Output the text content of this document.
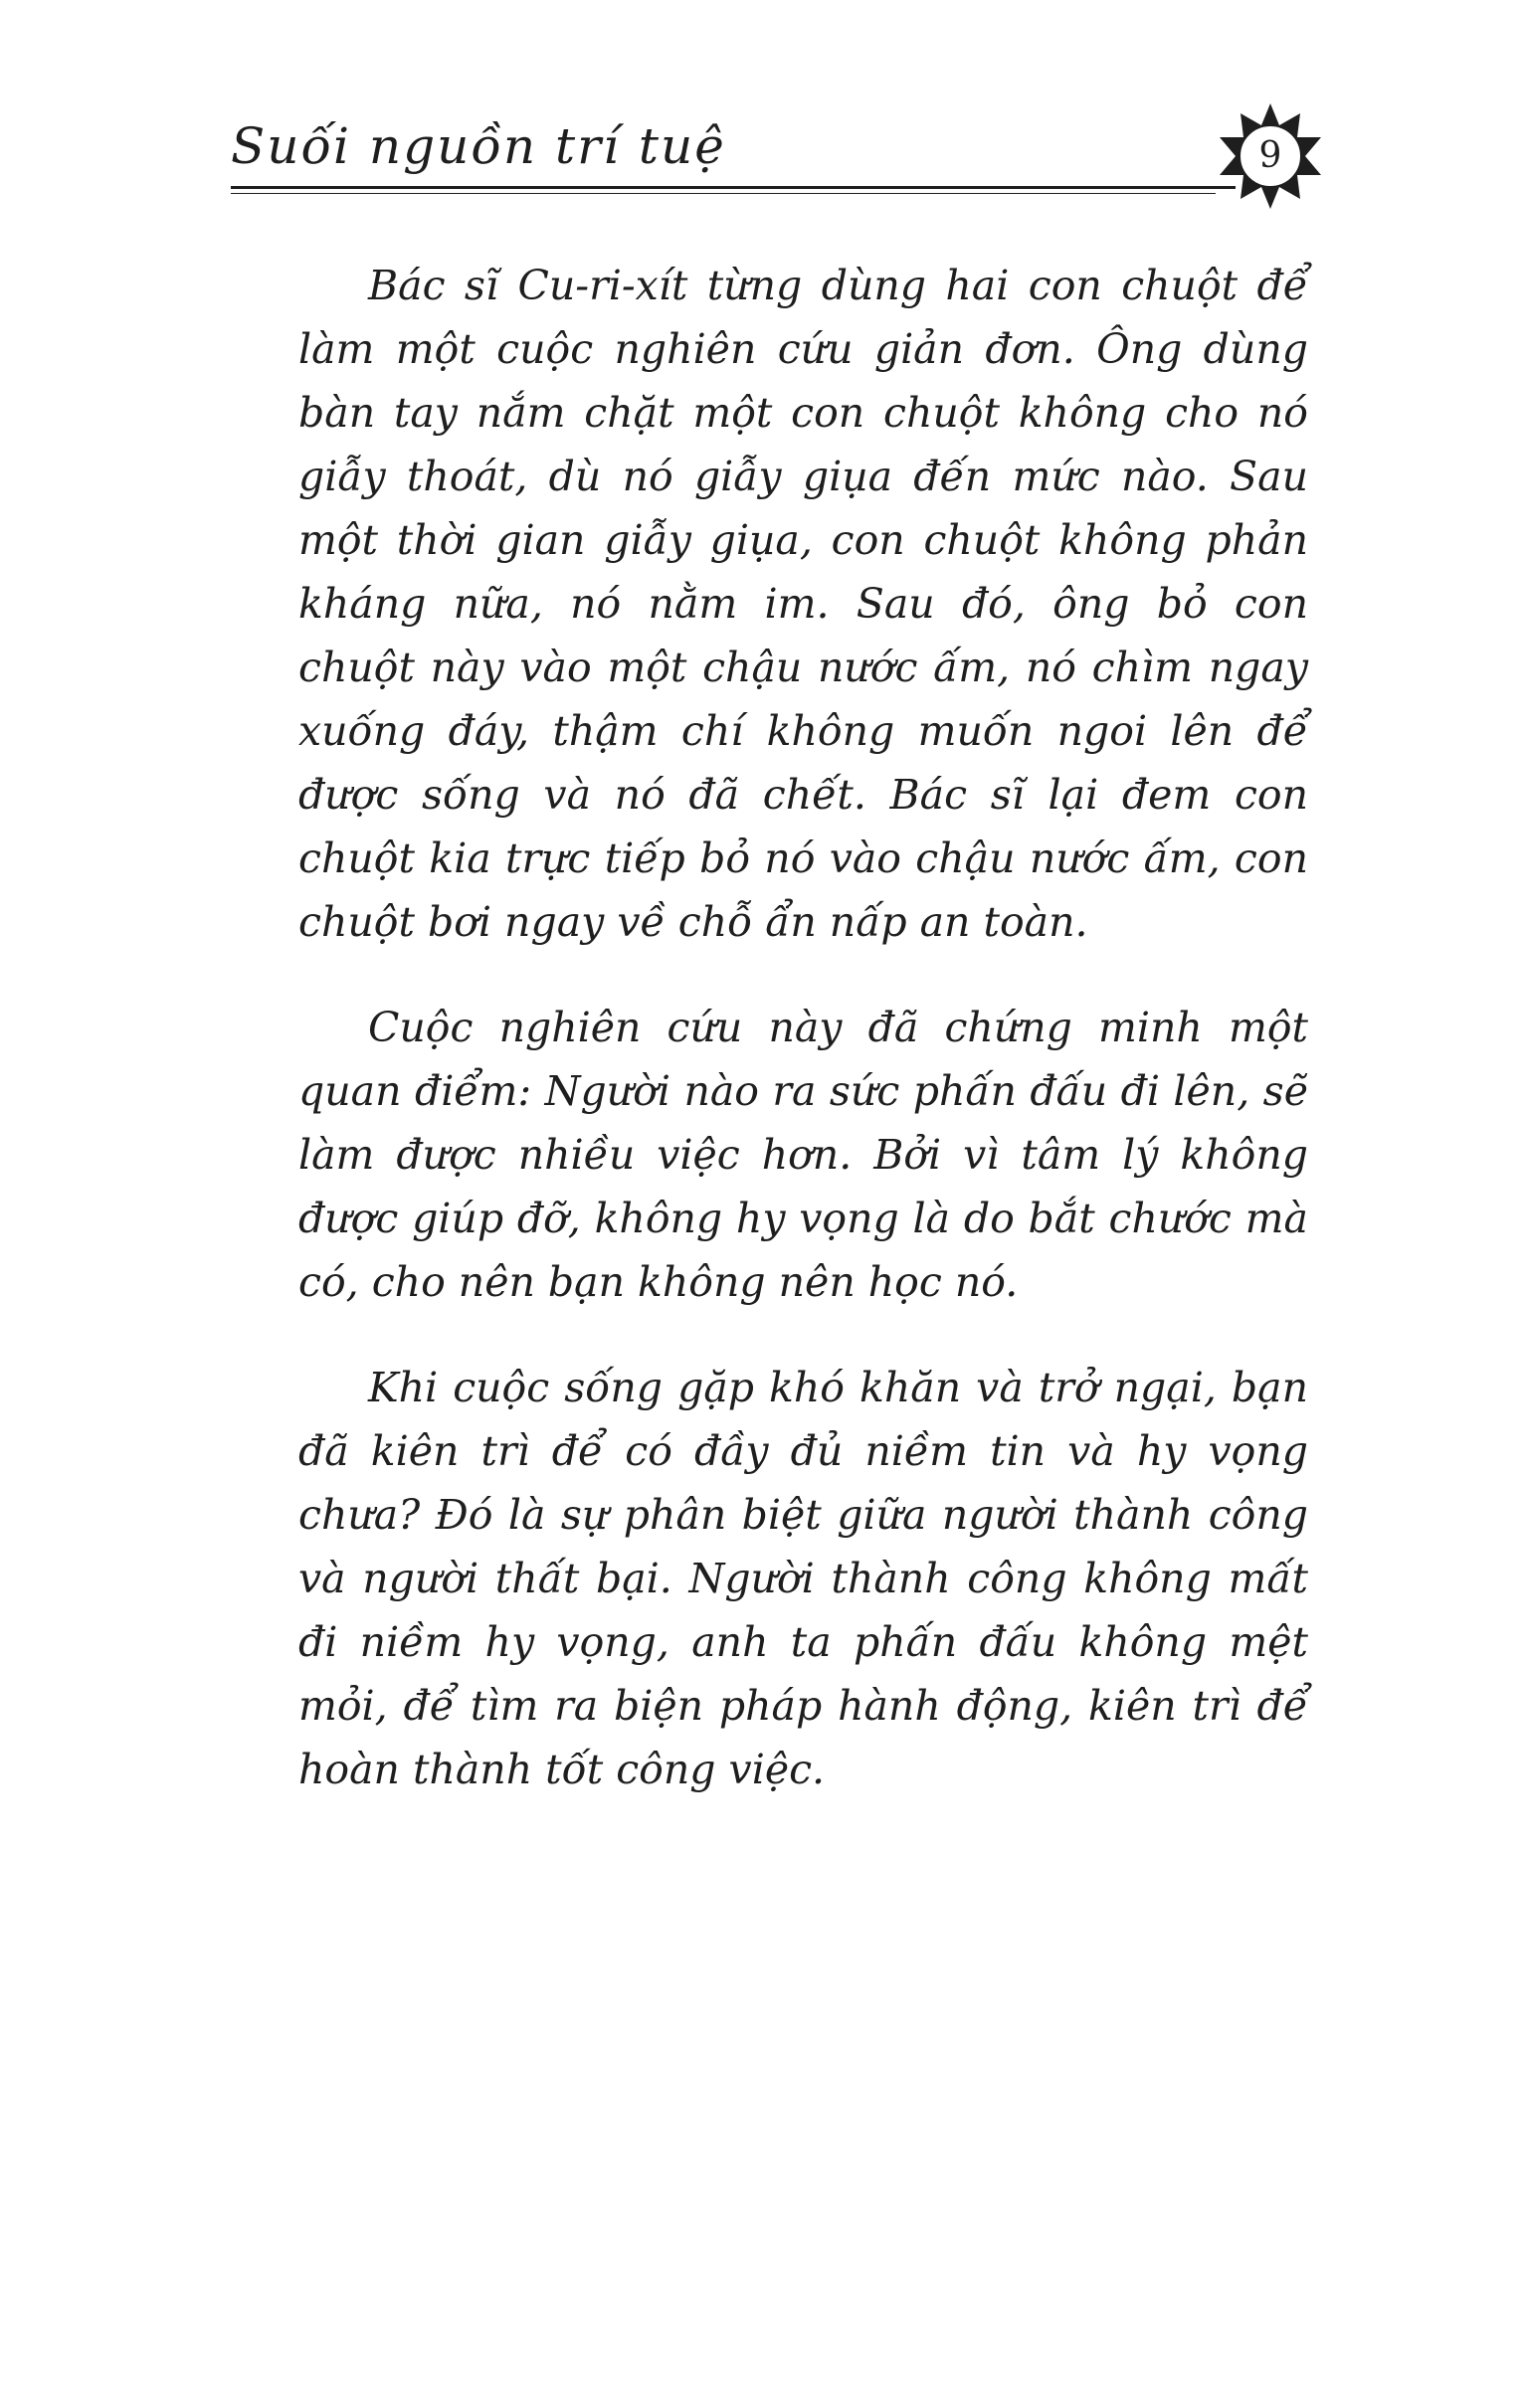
Suối nguồn trí tuệ	9

Bác sĩ Cu-ri-xít từng dùng hai con chuột để làm một cuộc nghiên cứu giản đơn. Ông dùng bàn tay nắm chặt một con chuột không cho nó giẫy thoát, dù nó giẫy giụa đến mức nào. Sau một thời gian giẫy giụa, con chuột không phản kháng nữa, nó nằm im. Sau đó, ông bỏ con chuột này vào một chậu nước ấm, nó chìm ngay xuống đáy, thậm chí không muốn ngoi lên để được sống và nó đã chết. Bác sĩ lại đem con chuột kia trực tiếp bỏ nó vào chậu nước ấm, con chuột bơi ngay về chỗ ẩn nấp an toàn.

Cuộc nghiên cứu này đã chứng minh một quan điểm: Người nào ra sức phấn đấu đi lên, sẽ làm được nhiều việc hơn. Bởi vì tâm lý không được giúp đỡ, không hy vọng là do bắt chước mà có, cho nên bạn không nên học nó.

Khi cuộc sống gặp khó khăn và trở ngại, bạn đã kiên trì để có đầy đủ niềm tin và hy vọng chưa? Đó là sự phân biệt giữa người thành công và người thất bại. Người thành công không mất đi niềm hy vọng, anh ta phấn đấu không mệt mỏi, để tìm ra biện pháp hành động, kiên trì để hoàn thành tốt công việc.
